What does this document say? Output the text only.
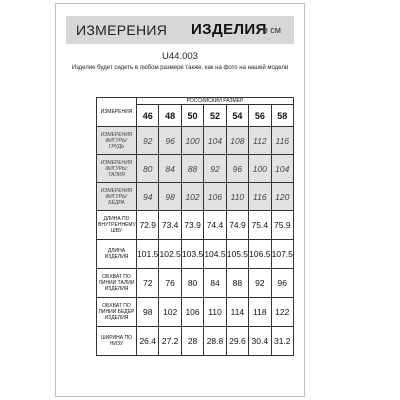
ИЗМЕРЕНИЯ ИЗДЕЛИЯ
в см
U44.003
Изделие будет сидеть в любом размере также, как на фото на нашей модели
ИЗМЕРЕНИЯ	РОССИЙСКИЙ РАЗМЕР						
	46	48	50	52	54	56	58
ИЗМЕРЕНИЯ ФИГУРЫ: ГРУДЬ	92	96	100	104	108	112	116
ИЗМЕРЕНИЯ ФИГУРЫ: ТАЛИЯ	80	84	88	92	96	100	104
ИЗМЕРЕНИЯ ФИГУРЫ: БЁДРА	94	98	102	106	110	116	120
ДЛИНА ПО ВНУТРЕННЕМУ ШВУ	72.9	73.4	73.9	74.4	74.9	75.4	75.9
ДЛИНА ИЗДЕЛИЯ	101.5	102.5	103.5	104.5	105.5	106.5	107.5
ОБХВАТ ПО ЛИНИИ ТАЛИИ ИЗДЕЛИЯ	72	76	80	84	88	92	96
ОБХВАТ ПО ЛИНИИ БЕДЕР ИЗДЕЛИЯ	98	102	106	110	114	118	122
ШИРИНА ПО НИЗУ	26.4	27.2	28	28.8	29.6	30.4	31.2
